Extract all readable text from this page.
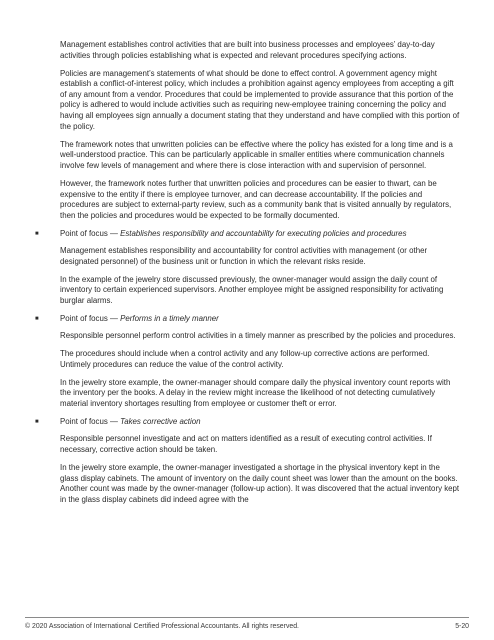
Management establishes control activities that are built into business processes and employees’ day-to-day activities through policies establishing what is expected and relevant procedures specifying actions.

Policies are management’s statements of what should be done to effect control. A government agency might establish a conflict-of-interest policy, which includes a prohibition against agency employees from accepting a gift of any amount from a vendor. Procedures that could be implemented to provide assurance that this portion of the policy is adhered to would include activities such as requiring new-employee training concerning the policy and having all employees sign annually a document stating that they understand and have complied with this portion of the policy.

The framework notes that unwritten policies can be effective where the policy has existed for a long time and is a well-understood practice. This can be particularly applicable in smaller entities where communication channels involve few levels of management and where there is close interaction with and supervision of personnel.

However, the framework notes further that unwritten policies and procedures can be easier to thwart, can be expensive to the entity if there is employee turnover, and can decrease accountability. If the policies and procedures are subject to external-party review, such as a community bank that is visited annually by regulators, then the policies and procedures would be expected to be formally documented.

■	Point of focus — Establishes responsibility and accountability for executing policies and procedures

Management establishes responsibility and accountability for control activities with management (or other designated personnel) of the business unit or function in which the relevant risks reside.

In the example of the jewelry store discussed previously, the owner-manager would assign the daily count of inventory to certain experienced supervisors. Another employee might be assigned responsibility for activating burglar alarms.

■	Point of focus — Performs in a timely manner

Responsible personnel perform control activities in a timely manner as prescribed by the policies and procedures.

The procedures should include when a control activity and any follow-up corrective actions are performed. Untimely procedures can reduce the value of the control activity.

In the jewelry store example, the owner-manager should compare daily the physical inventory count reports with the inventory per the books. A delay in the review might increase the likelihood of not detecting cumulatively material inventory shortages resulting from employee or customer theft or error.

■	Point of focus — Takes corrective action

Responsible personnel investigate and act on matters identified as a result of executing control activities. If necessary, corrective action should be taken.

In the jewelry store example, the owner-manager investigated a shortage in the physical inventory kept in the glass display cabinets. The amount of inventory on the daily count sheet was lower than the amount on the books. Another count was made by the owner-manager (follow-up action). It was discovered that the actual inventory kept in the glass display cabinets did indeed agree with the

© 2020 Association of International Certified Professional Accountants. All rights reserved.	5-20
